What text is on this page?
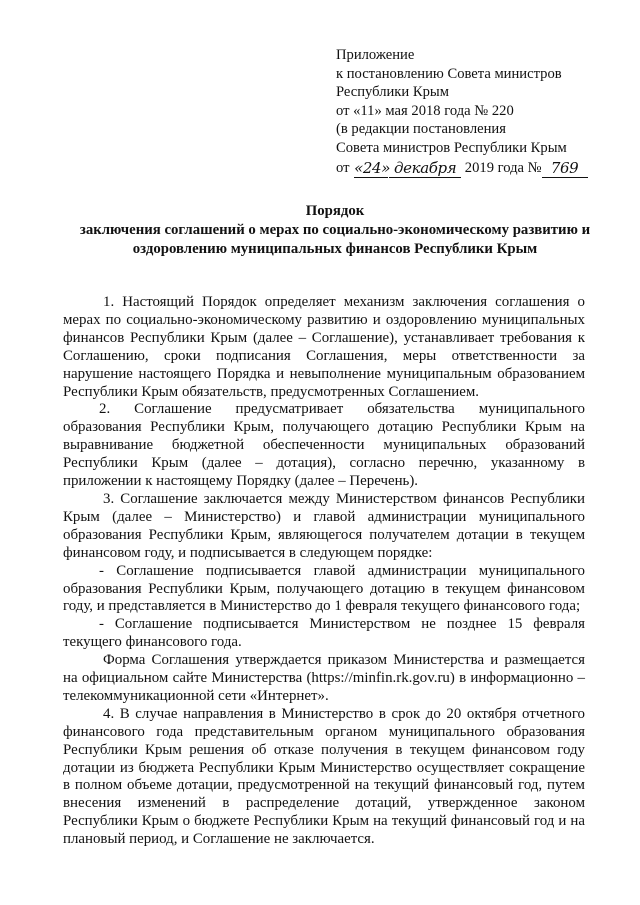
Приложение
к постановлению Совета министров
Республики Крым
от «11» мая 2018 года № 220
(в редакции постановления
Совета министров Республики Крым
от «24» декабря 2019 года № 769
Порядок
заключения соглашений о мерах по социально-экономическому развитию и
оздоровлению муниципальных финансов Республики Крым

1. Настоящий Порядок определяет механизм заключения соглашения о мерах по социально-экономическому развитию и оздоровлению муниципальных финансов Республики Крым (далее – Соглашение), устанавливает требования к Соглашению, сроки подписания Соглашения, меры ответственности за нарушение настоящего Порядка и невыполнение муниципальным образованием Республики Крым обязательств, предусмотренных Соглашением.

2. Соглашение предусматривает обязательства муниципального образования Республики Крым, получающего дотацию Республики Крым на выравнивание бюджетной обеспеченности муниципальных образований Республики Крым (далее – дотация), согласно перечню, указанному в приложении к настоящему Порядку (далее – Перечень).

3. Соглашение заключается между Министерством финансов Республики Крым (далее – Министерство) и главой администрации муниципального образования Республики Крым, являющегося получателем дотации в текущем финансовом году, и подписывается в следующем порядке:

- Соглашение подписывается главой администрации муниципального образования Республики Крым, получающего дотацию в текущем финансовом году, и представляется в Министерство до 1 февраля текущего финансового года;

- Соглашение подписывается Министерством не позднее 15 февраля текущего финансового года.

Форма Соглашения утверждается приказом Министерства и размещается на официальном сайте Министерства (https://minfin.rk.gov.ru) в информационно – телекоммуникационной сети «Интернет».

4. В случае направления в Министерство в срок до 20 октября отчетного финансового года представительным органом муниципального образования Республики Крым решения об отказе получения в текущем финансовом году дотации из бюджета Республики Крым Министерство осуществляет сокращение в полном объеме дотации, предусмотренной на текущий финансовый год, путем внесения изменений в распределение дотаций, утвержденное законом Республики Крым о бюджете Республики Крым на текущий финансовый год и на плановый период, и Соглашение не заключается.
